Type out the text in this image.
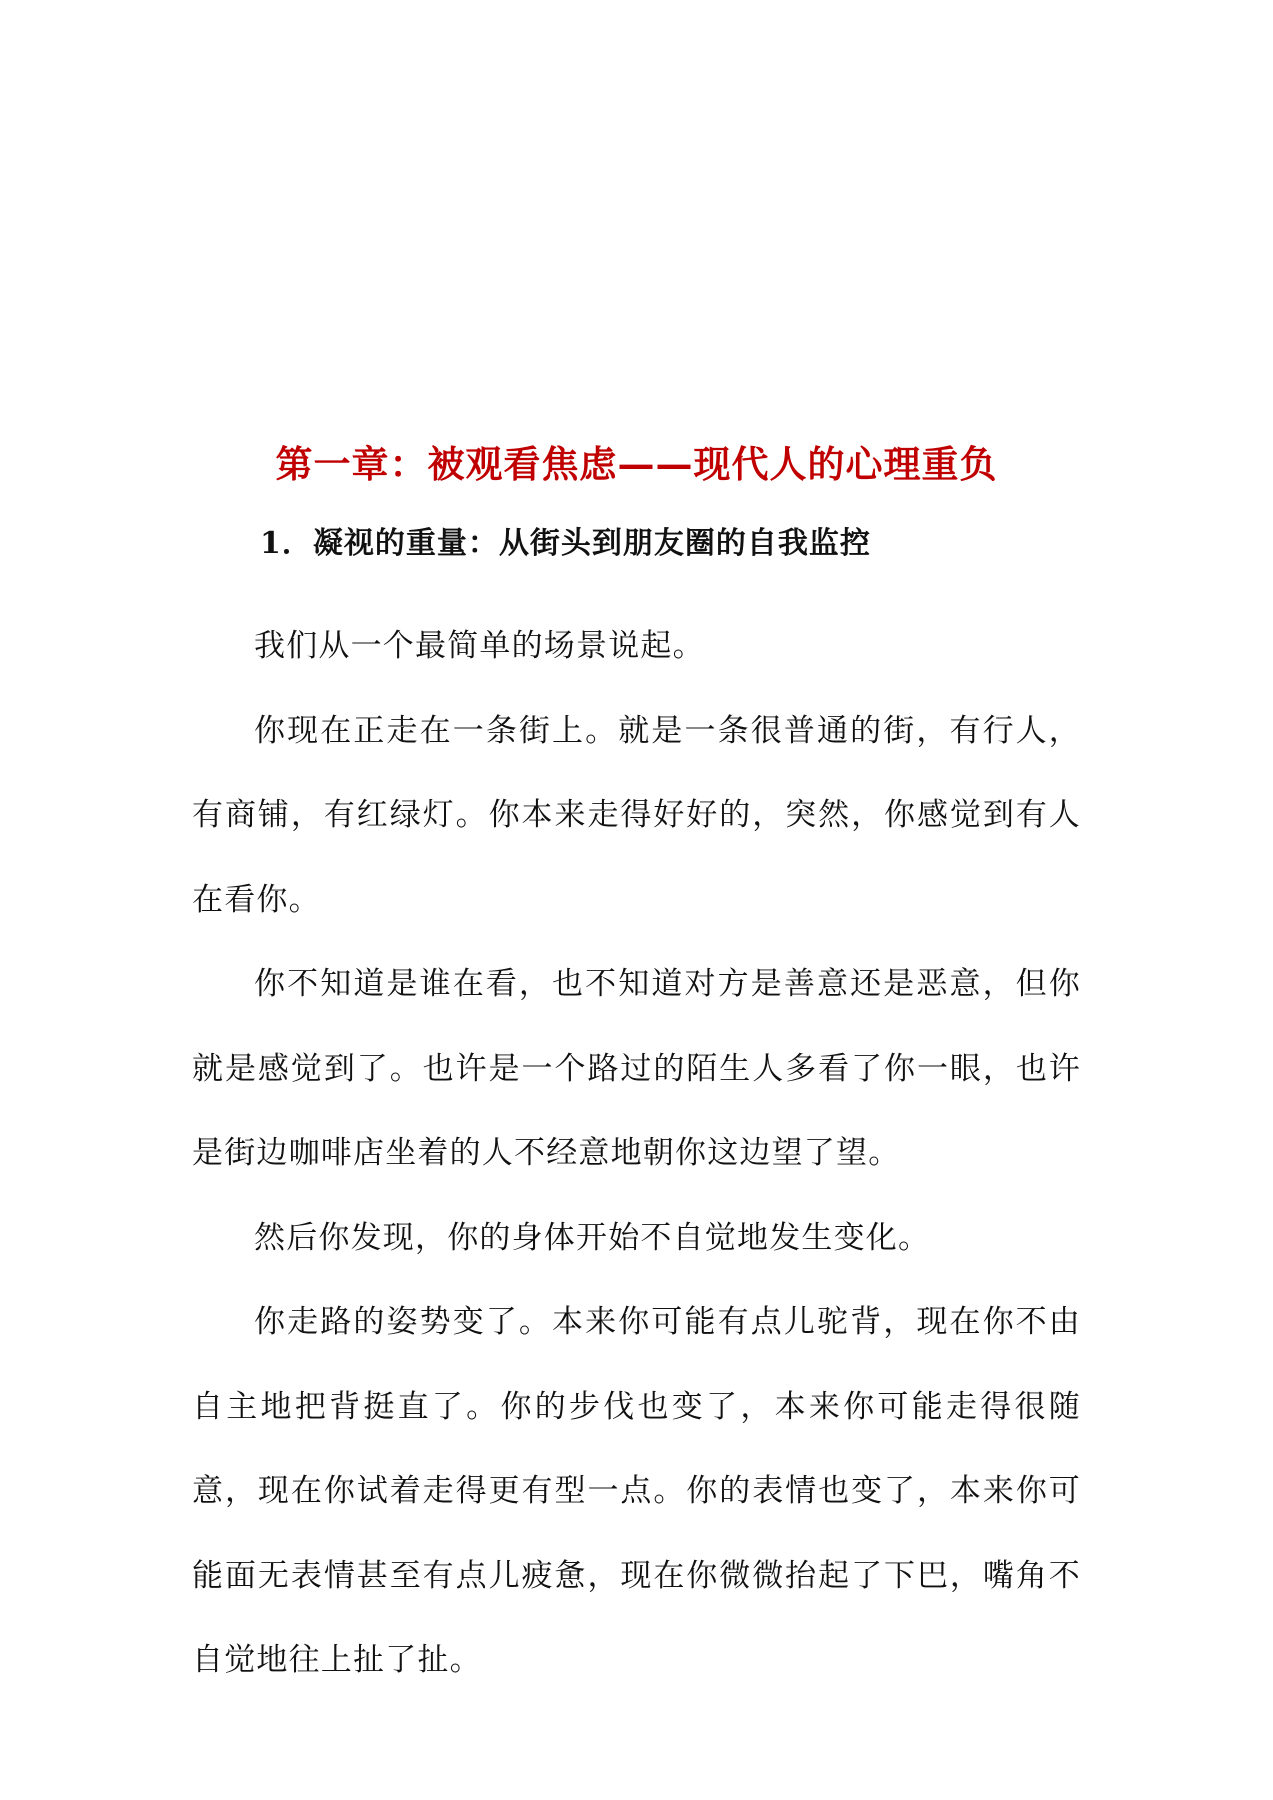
第一章：被观看焦虑——现代人的心理重负
1．凝视的重量：从街头到朋友圈的自我监控

我们从一个最简单的场景说起。

你现在正走在一条街上。就是一条很普通的街，有行人，有商铺，有红绿灯。你本来走得好好的，突然，你感觉到有人在看你。

你不知道是谁在看，也不知道对方是善意还是恶意，但你就是感觉到了。也许是一个路过的陌生人多看了你一眼，也许是街边咖啡店坐着的人不经意地朝你这边望了望。

然后你发现，你的身体开始不自觉地发生变化。

你走路的姿势变了。本来你可能有点儿驼背，现在你不由自主地把背挺直了。你的步伐也变了，本来你可能走得很随意，现在你试着走得更有型一点。你的表情也变了，本来你可能面无表情甚至有点儿疲惫，现在你微微抬起了下巴，嘴角不自觉地往上扯了扯。
